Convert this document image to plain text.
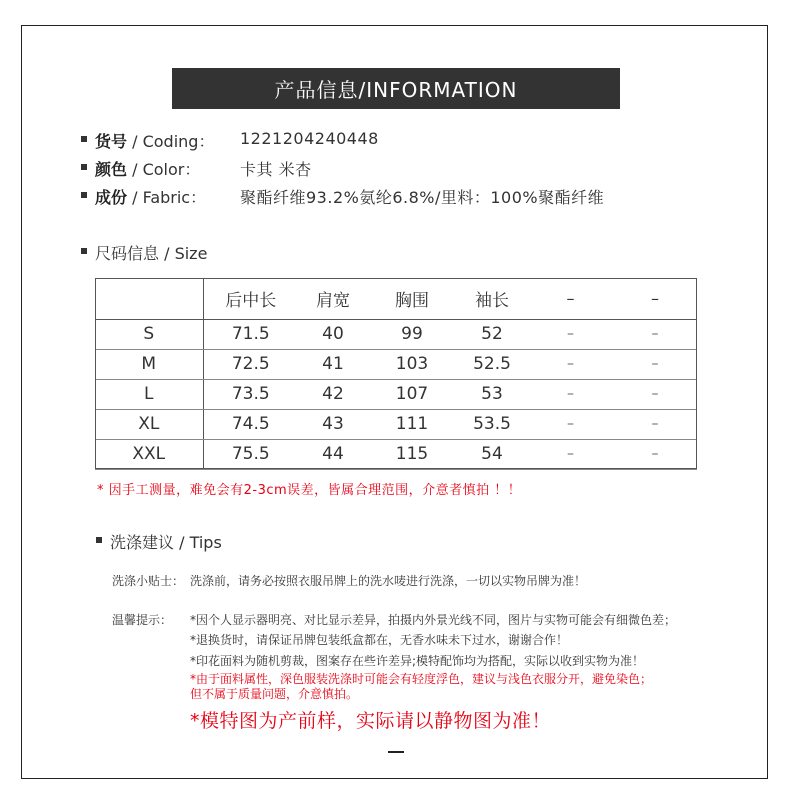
产品信息/INFORMATION
货号 / Coding： 1221204240448
颜色 / Color： 卡其 米杏
成份 / Fabric： 聚酯纤维93.2%氨纶6.8%/里料：100%聚酯纤维
尺码信息 / Size
	后中长	肩宽	胸围	袖长	–	–
S	71.5	40	99	52	–	–
M	72.5	41	103	52.5	–	–
L	73.5	42	107	53	–	–
XL	74.5	43	111	53.5	–	–
XXL	75.5	44	115	54	–	–
* 因手工测量，难免会有2-3cm误差，皆属合理范围，介意者慎拍 ！！
洗涤建议 / Tips
洗涤小贴士： 洗涤前，请务必按照衣服吊牌上的洗水唛进行洗涤，一切以实物吊牌为准！
温馨提示： *因个人显示器明亮、对比显示差异，拍摄内外景光线不同，图片与实物可能会有细微色差；
*退换货时，请保证吊牌包装纸盒都在，无香水味未下过水，谢谢合作！
*印花面料为随机剪裁，图案存在些许差异;模特配饰均为搭配，实际以收到实物为准！
*由于面料属性，深色服装洗涤时可能会有轻度浮色，建议与浅色衣服分开，避免染色；
但不属于质量问题，介意慎拍。
*模特图为产前样，实际请以静物图为准！
